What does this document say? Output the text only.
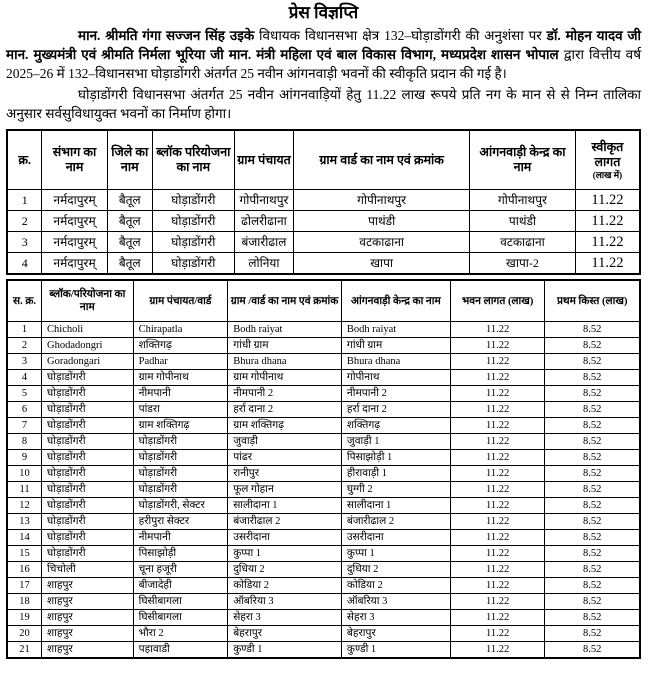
प्रेस विज्ञप्ति

मान. श्रीमति गंगा सज्जन सिंह उइके विधायक विधानसभा क्षेत्र 132–घोड़ाडोंगरी की अनुशंसा पर डॉ. मोहन यादव जी मान. मुख्यमंत्री एवं श्रीमति निर्मला भूरिया जी मान. मंत्री महिला एवं बाल विकास विभाग, मध्यप्रदेश शासन भोपाल द्वारा वित्तीय वर्ष 2025–26 में 132–विधानसभा घोड़ाडोंगरी अंतर्गत 25 नवीन आंगनवाड़ी भवनों की स्वीकृति प्रदान की गई है।

घोड़ाडोंगरी विधानसभा अंतर्गत 25 नवीन आंगनवाड़ियों हेतु 11.22 लाख रूपये प्रति नग के मान से से निम्न तालिका अनुसार सर्वसुविधायुक्त भवनों का निर्माण होगा।

क्र.	संभाग का नाम	जिले का नाम	ब्लॉक परियोजना का नाम	ग्राम पंचायत	ग्राम वार्ड का नाम एवं क्रमांक	आंगनवाड़ी केन्द्र का नाम	स्वीकृत लागत
(लाख में)

1	नर्मदापुरम्	बैतूल	घोड़ाडोंगरी	गोपीनाथपुर	गोपीनाथपुर	गोपीनाथपुर	11.22
2	नर्मदापुरम्	बैतूल	घोड़ाडोंगरी	ढोलरीढाना	पाथंडी	पाथंडी	11.22
3	नर्मदापुरम्	बैतूल	घोड़ाडोंगरी	बंजारीढाल	वटकाढाना	वटकाढाना	11.22
4	नर्मदापुरम्	बैतूल	घोड़ाडोंगरी	लोनिया	खापा	खापा-2	11.22
स. क्र.	ब्लॉक/परियोजना का नाम	ग्राम पंचायत/वार्ड	ग्राम /वार्ड का नाम एवं क्रमांक	आंगनवाड़ी केन्द्र का नाम	भवन लागत (लाख)	प्रथम किस्त (लाख)
1	Chicholi	Chirapatla	Bodh raiyat	Bodh raiyat	11.22	8.52
2	Ghodadongri	शक्तिगढ़	गांधी ग्राम	गांधी ग्राम	11.22	8.52
3	Goradongari	Padhar	Bhura dhana	Bhura dhana	11.22	8.52
4	घोड़ाडोंगरी	ग्राम गोपीनाथ	ग्राम गोपीनाथ	गोपीनाथ	11.22	8.52
5	घोड़ाडोंगरी	नीमपानी	नीमपानी 2	नीमपानी 2	11.22	8.52
6	घोड़ाडोंगरी	पांडरा	हर्रा दाना 2	हर्रा दाना 2	11.22	8.52
7	घोड़ाडोंगरी	ग्राम शक्तिगढ़	ग्राम शक्तिगढ़	शक्तिगढ़	11.22	8.52
8	घोड़ाडोंगरी	घोड़ाडोंगरी	जुवाड़ी	जुवाड़ी 1	11.22	8.52
9	घोड़ाडोंगरी	घोड़ाडोंगरी	पांढर	पिसाझोड़ी 1	11.22	8.52
10	घोड़ाडोंगरी	घोड़ाडोंगरी	रानीपुर	हीरावाड़ी 1	11.22	8.52
11	घोड़ाडोंगरी	घोड़ाडोंगरी	फूल गोहान	घुग्गी 2	11.22	8.52
12	घोड़ाडोंगरी	घोड़ाडोंगरी, सेक्टर	सालीदाना 1	सालीदाना 1	11.22	8.52
13	घोड़ाडोंगरी	हरीपुरा सेक्टर	बंजारीढाल 2	बंजारीढाल 2	11.22	8.52
14	घोड़ाडोंगरी	नीमपानी	उसरीदाना	उसरीदाना	11.22	8.52
15	घोड़ाडोंगरी	पिसाझोड़ी	कुप्पा 1	कुप्पा 1	11.22	8.52
16	चिचोली	चूना हजूरी	दुधिया 2	दुधिया 2	11.22	8.52
17	शाहपुर	बीजादेही	कोडिया 2	कोडिया 2	11.22	8.52
18	शाहपुर	घिसीबागला	ऑबरिया 3	ऑबरिया 3	11.22	8.52
19	शाहपुर	घिसीबागला	सेहरा 3	सेहरा 3	11.22	8.52
20	शाहपुर	भौरा 2	बेहरापुर	बेहरापुर	11.22	8.52
21	शाहपुर	पहावाडी	कुण्डी 1	कुण्डी 1	11.22	8.52
